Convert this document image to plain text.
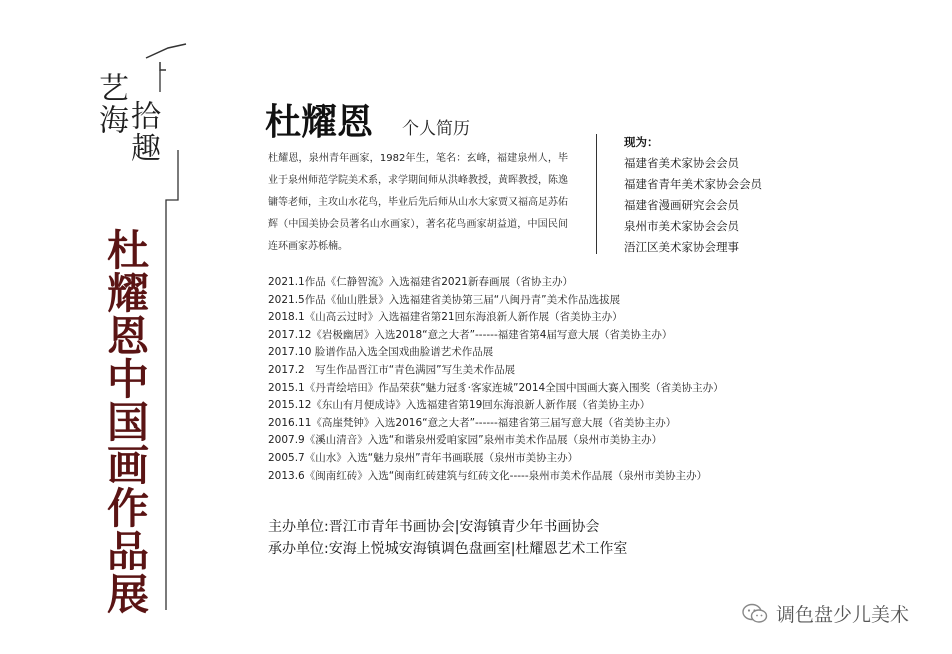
艺海
拾趣
杜耀恩中国画作品展
杜耀恩 个人简历
杜耀恩，泉州青年画家，1982年生，笔名：玄峰，福建泉州人，毕业于泉州师范学院美术系，求学期间师从洪峰教授，黄晖教授，陈逸镛等老师，主攻山水花鸟，毕业后先后师从山水大家贾又福高足苏佑辉（中国美协会员著名山水画家），著名花鸟画家胡益道，中国民间连环画家苏栎楠。
现为：
福建省美术家协会会员
福建省青年美术家协会会员
福建省漫画研究会会员
泉州市美术家协会会员
浯江区美术家协会理事
2021.1作品《仁静智流》入选福建省2021新春画展（省协主办）
2021.5作品《仙山胜景》入选福建省美协第三届“八闽丹青”美术作品选拔展
2018.1《山高云过时》入选福建省第21回东海浪新人新作展（省美协主办）
2017.12《岩极幽居》入选2018“意之大者”------福建省第4届写意大展（省美协主办）
2017.10 脸谱作品入选全国戏曲脸谱艺术作品展
2017.2　写生作品晋江市“青色满园”写生美术作品展
2015.1《丹青绘培田》作品荣获“魅力冠豸·客家连城”2014全国中国画大赛入围奖（省美协主办）
2015.12《东山有月便成诗》入选福建省第19回东海浪新人新作展（省美协主办）
2016.11《高崖梵钟》入选2016“意之大者”------福建省第三届写意大展（省美协主办）
2007.9《溪山清音》入选“和谐泉州爱咱家园”泉州市美术作品展（泉州市美协主办）
2005.7《山水》入选“魅力泉州”青年书画联展（泉州市美协主办）
2013.6《闽南红砖》入选“闽南红砖建筑与红砖文化-----泉州市美术作品展（泉州市美协主办）
主办单位:晋江市青年书画协会|安海镇青少年书画协会
承办单位:安海上悦城安海镇调色盘画室|杜耀恩艺术工作室
调色盘少儿美术
